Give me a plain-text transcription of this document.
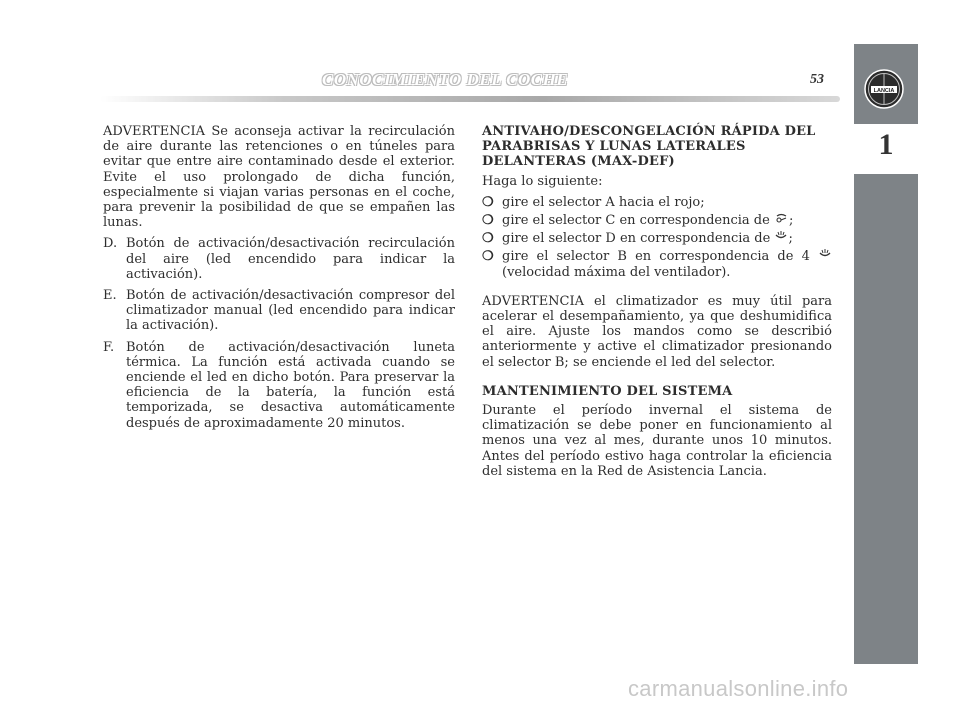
CONOCIMIENTO DEL COCHE	53
LANCIA
1

ADVERTENCIA Se aconseja activar la recirculación de aire durante las retenciones o en túneles para evitar que entre aire contaminado desde el exterior. Evite el uso prolongado de dicha función, especialmente si viajan varias personas en el coche, para prevenir la posibilidad de que se empañen las lunas.

D. Botón de activación/desactivación recirculación del aire (led encendido para indicar la activación).
E. Botón de activación/desactivación compresor del climatizador manual (led encendido para indicar la activación).
F. Botón de activación/desactivación luneta térmica. La función está activada cuando se enciende el led en dicho botón. Para preservar la eficiencia de la batería, la función está temporizada, se desactiva automáticamente después de aproximadamente 20 minutos.
ANTIVAHO/DESCONGELACIÓN RÁPIDA DEL PARABRISAS Y LUNAS LATERALES DELANTERAS (MAX-DEF)

Haga lo siguiente:

❍ gire el selector A hacia el rojo;
❍ gire el selector C en correspondencia de ;
❍ gire el selector D en correspondencia de ;
❍ gire el selector B en correspondencia de 4  (velocidad máxima del ventilador).

ADVERTENCIA el climatizador es muy útil para acelerar el desempañamiento, ya que deshumidifica el aire. Ajuste los mandos como se describió anteriormente y active el climatizador presionando el selector B; se enciende el led del selector.

MANTENIMIENTO DEL SISTEMA

Durante el período invernal el sistema de climatización se debe poner en funcionamiento al menos una vez al mes, durante unos 10 minutos. Antes del período estivo haga controlar la eficiencia del sistema en la Red de Asistencia Lancia.

carmanualsonline.info
